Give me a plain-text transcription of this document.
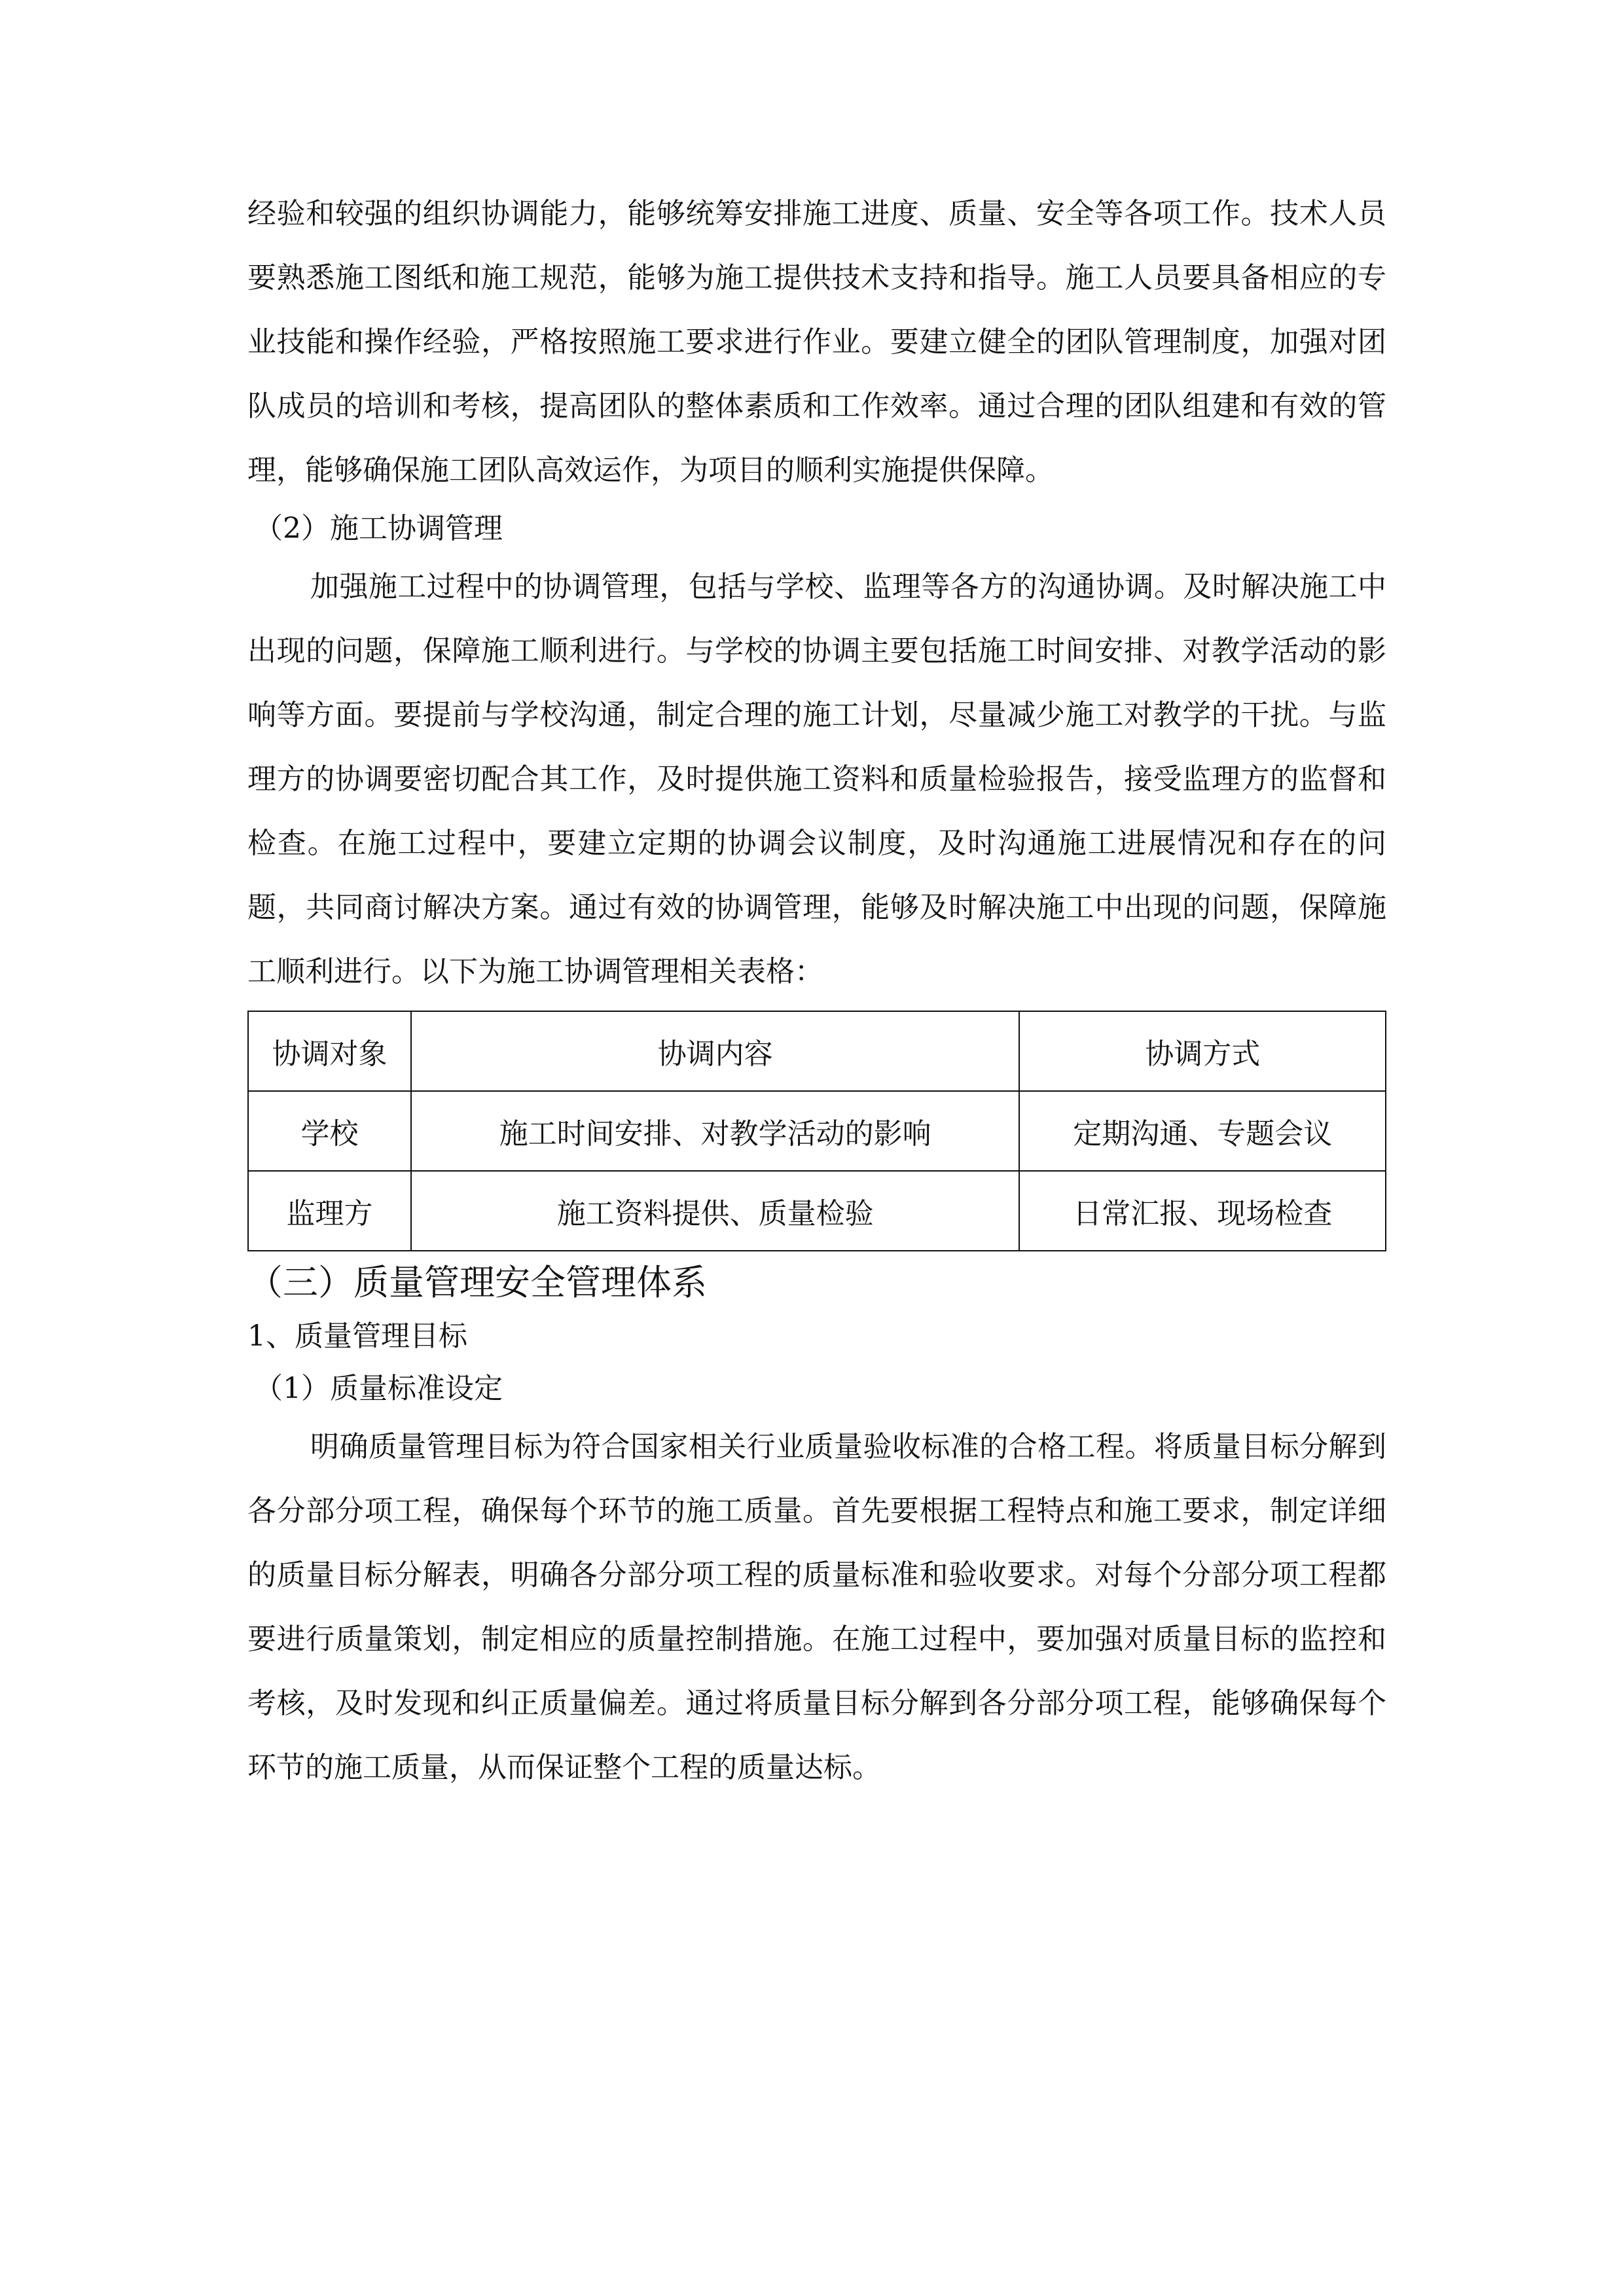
经验和较强的组织协调能力，能够统筹安排施工进度、质量、安全等各项工作。技术人员要熟悉施工图纸和施工规范，能够为施工提供技术支持和指导。施工人员要具备相应的专业技能和操作经验，严格按照施工要求进行作业。要建立健全的团队管理制度，加强对团队成员的培训和考核，提高团队的整体素质和工作效率。通过合理的团队组建和有效的管理，能够确保施工团队高效运作，为项目的顺利实施提供保障。

（2）施工协调管理

加强施工过程中的协调管理，包括与学校、监理等各方的沟通协调。及时解决施工中出现的问题，保障施工顺利进行。与学校的协调主要包括施工时间安排、对教学活动的影响等方面。要提前与学校沟通，制定合理的施工计划，尽量减少施工对教学的干扰。与监理方的协调要密切配合其工作，及时提供施工资料和质量检验报告，接受监理方的监督和检查。在施工过程中，要建立定期的协调会议制度，及时沟通施工进展情况和存在的问题，共同商讨解决方案。通过有效的协调管理，能够及时解决施工中出现的问题，保障施工顺利进行。以下为施工协调管理相关表格：

协调对象	协调内容	协调方式
学校	施工时间安排、对教学活动的影响	定期沟通、专题会议
监理方	施工资料提供、质量检验	日常汇报、现场检查

（三）质量管理安全管理体系

1、质量管理目标

（1）质量标准设定

明确质量管理目标为符合国家相关行业质量验收标准的合格工程。将质量目标分解到各分部分项工程，确保每个环节的施工质量。首先要根据工程特点和施工要求，制定详细的质量目标分解表，明确各分部分项工程的质量标准和验收要求。对每个分部分项工程都要进行质量策划，制定相应的质量控制措施。在施工过程中，要加强对质量目标的监控和考核，及时发现和纠正质量偏差。通过将质量目标分解到各分部分项工程，能够确保每个环节的施工质量，从而保证整个工程的质量达标。
